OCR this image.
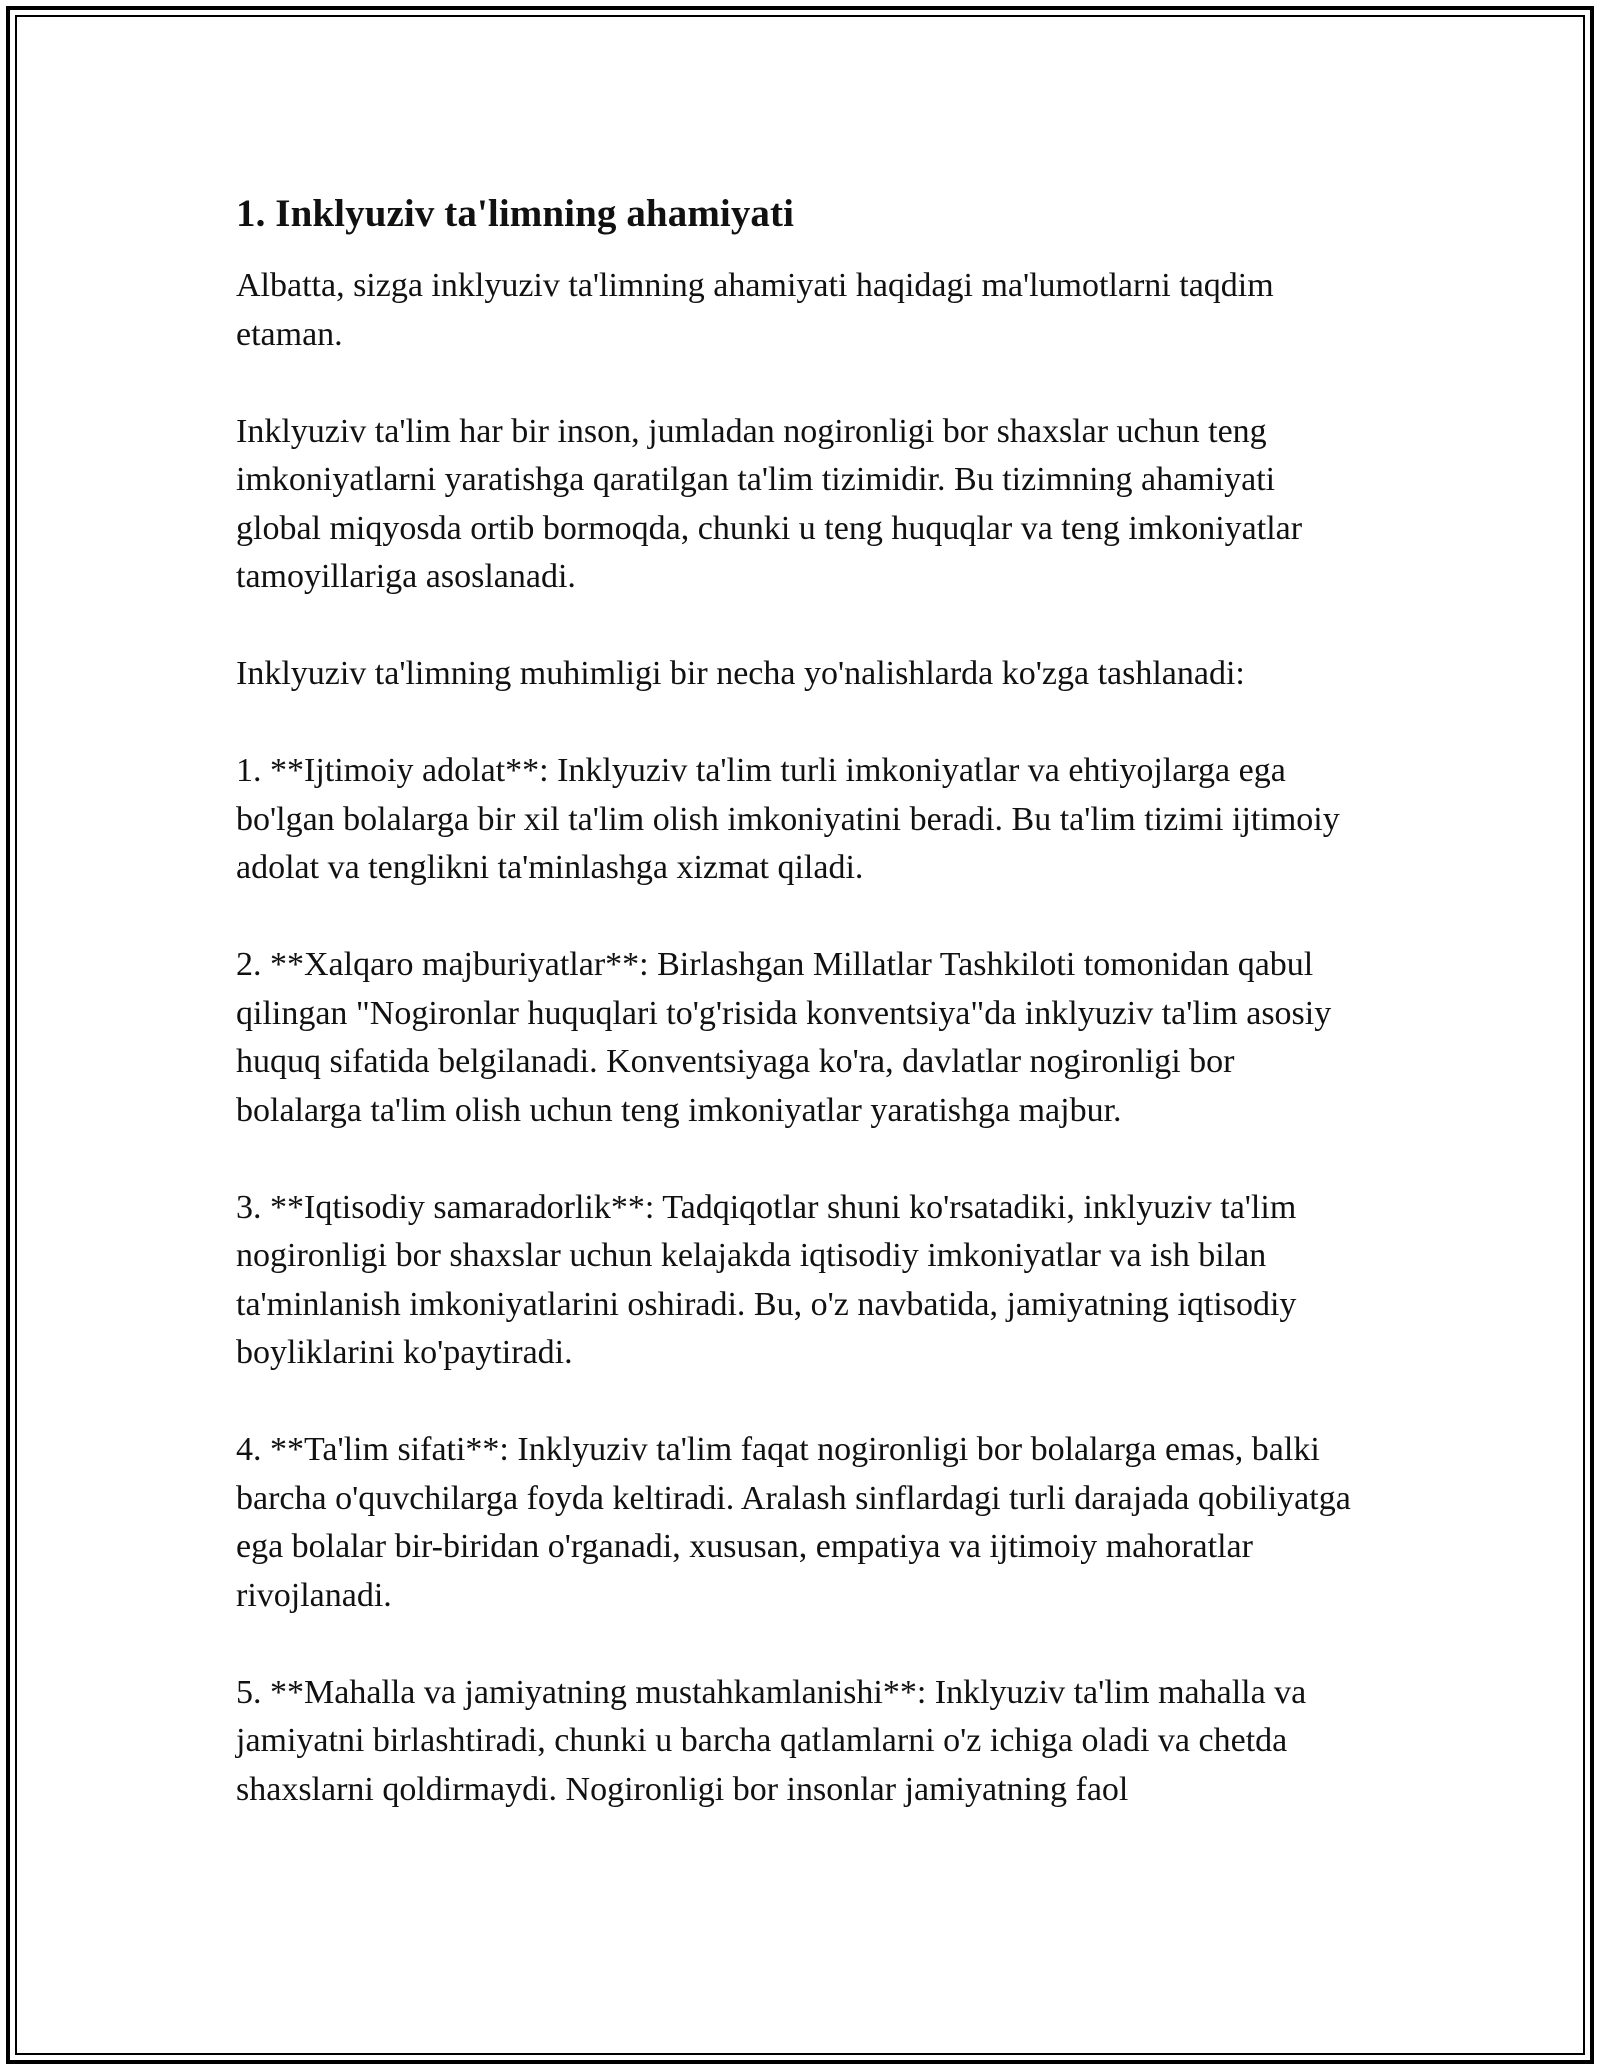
1. Inklyuziv ta'limning ahamiyati

Albatta, sizga inklyuziv ta'limning ahamiyati haqidagi ma'lumotlarni taqdim etaman.

Inklyuziv ta'lim har bir inson, jumladan nogironligi bor shaxslar uchun teng imkoniyatlarni yaratishga qaratilgan ta'lim tizimidir. Bu tizimning ahamiyati global miqyosda ortib bormoqda, chunki u teng huquqlar va teng imkoniyatlar tamoyillariga asoslanadi.

Inklyuziv ta'limning muhimligi bir necha yo'nalishlarda ko'zga tashlanadi:

1. **Ijtimoiy adolat**: Inklyuziv ta'lim turli imkoniyatlar va ehtiyojlarga ega bo'lgan bolalarga bir xil ta'lim olish imkoniyatini beradi. Bu ta'lim tizimi ijtimoiy adolat va tenglikni ta'minlashga xizmat qiladi.

2. **Xalqaro majburiyatlar**: Birlashgan Millatlar Tashkiloti tomonidan qabul qilingan "Nogironlar huquqlari to'g'risida konventsiya"da inklyuziv ta'lim asosiy huquq sifatida belgilanadi. Konventsiyaga ko'ra, davlatlar nogironligi bor bolalarga ta'lim olish uchun teng imkoniyatlar yaratishga majbur.

3. **Iqtisodiy samaradorlik**: Tadqiqotlar shuni ko'rsatadiki, inklyuziv ta'lim nogironligi bor shaxslar uchun kelajakda iqtisodiy imkoniyatlar va ish bilan ta'minlanish imkoniyatlarini oshiradi. Bu, o'z navbatida, jamiyatning iqtisodiy boyliklarini ko'paytiradi.

4. **Ta'lim sifati**: Inklyuziv ta'lim faqat nogironligi bor bolalarga emas, balki barcha o'quvchilarga foyda keltiradi. Aralash sinflardagi turli darajada qobiliyatga ega bolalar bir-biridan o'rganadi, xususan, empatiya va ijtimoiy mahoratlar rivojlanadi.

5. **Mahalla va jamiyatning mustahkamlanishi**: Inklyuziv ta'lim mahalla va jamiyatni birlashtiradi, chunki u barcha qatlamlarni o'z ichiga oladi va chetda shaxslarni qoldirmaydi. Nogironligi bor insonlar jamiyatning faol
